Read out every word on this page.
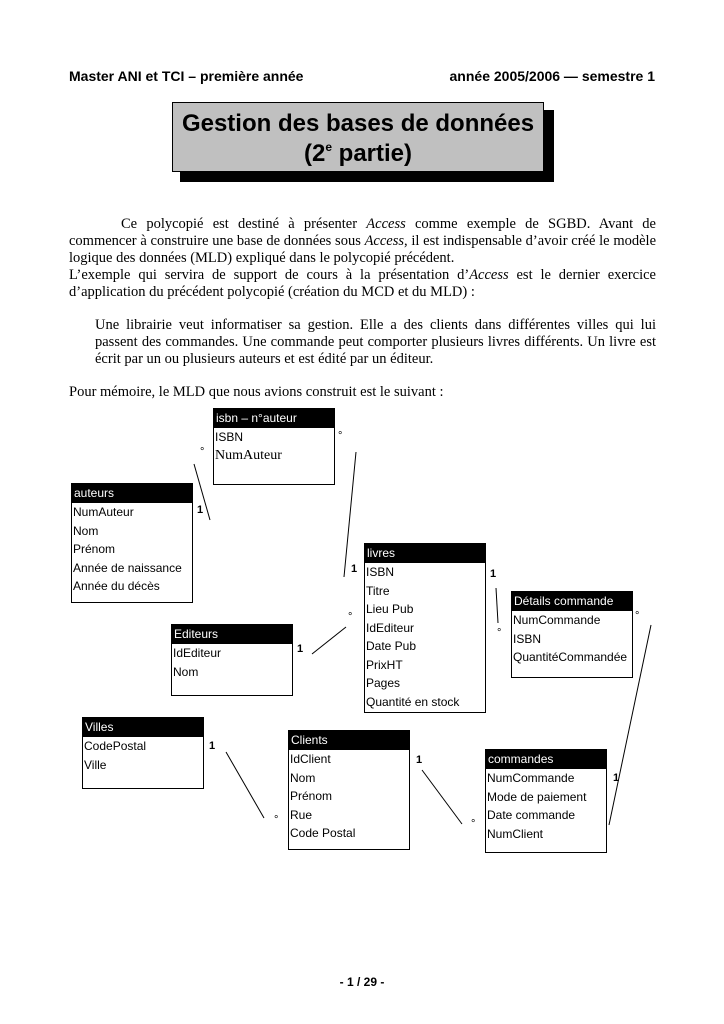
Master ANI et TCI – première année	année 2005/2006 — semestre 1
Gestion des bases de données
(2e partie)
Ce polycopié est destiné à présenter Access comme exemple de SGBD. Avant de commencer à construire une base de données sous Access, il est indispensable d’avoir créé le modèle logique des données (MLD) expliqué dans le polycopié précédent.
L’exemple qui servira de support de cours à la présentation d’Access est le dernier exercice d’application du précédent polycopié (création du MCD et du MLD) :
Une librairie veut informatiser sa gestion. Elle a des clients dans différentes villes qui lui passent des commandes. Une commande peut comporter plusieurs livres différents. Un livre est écrit par un ou plusieurs auteurs et est édité par un éditeur.
Pour mémoire, le MLD que nous avions construit est le suivant :
isbn – n°auteur
ISBN
NumAuteur
auteurs
NumAuteur
Nom
Prénom
Année de naissance
Année du décès
livres
ISBN
Titre
Lieu Pub
IdEditeur
Date Pub
PrixHT
Pages
Quantité en stock
Détails commande
NumCommande
ISBN
QuantitéCommandée
Editeurs
IdEditeur
Nom
Villes
CodePostal
Ville
Clients
IdClient
Nom
Prénom
Rue
Code Postal
commandes
NumCommande
Mode de paiement
Date commande
NumClient
°
°
1
1	1
°	°
°
1
1
1
1
°	°
- 1 / 29 -
